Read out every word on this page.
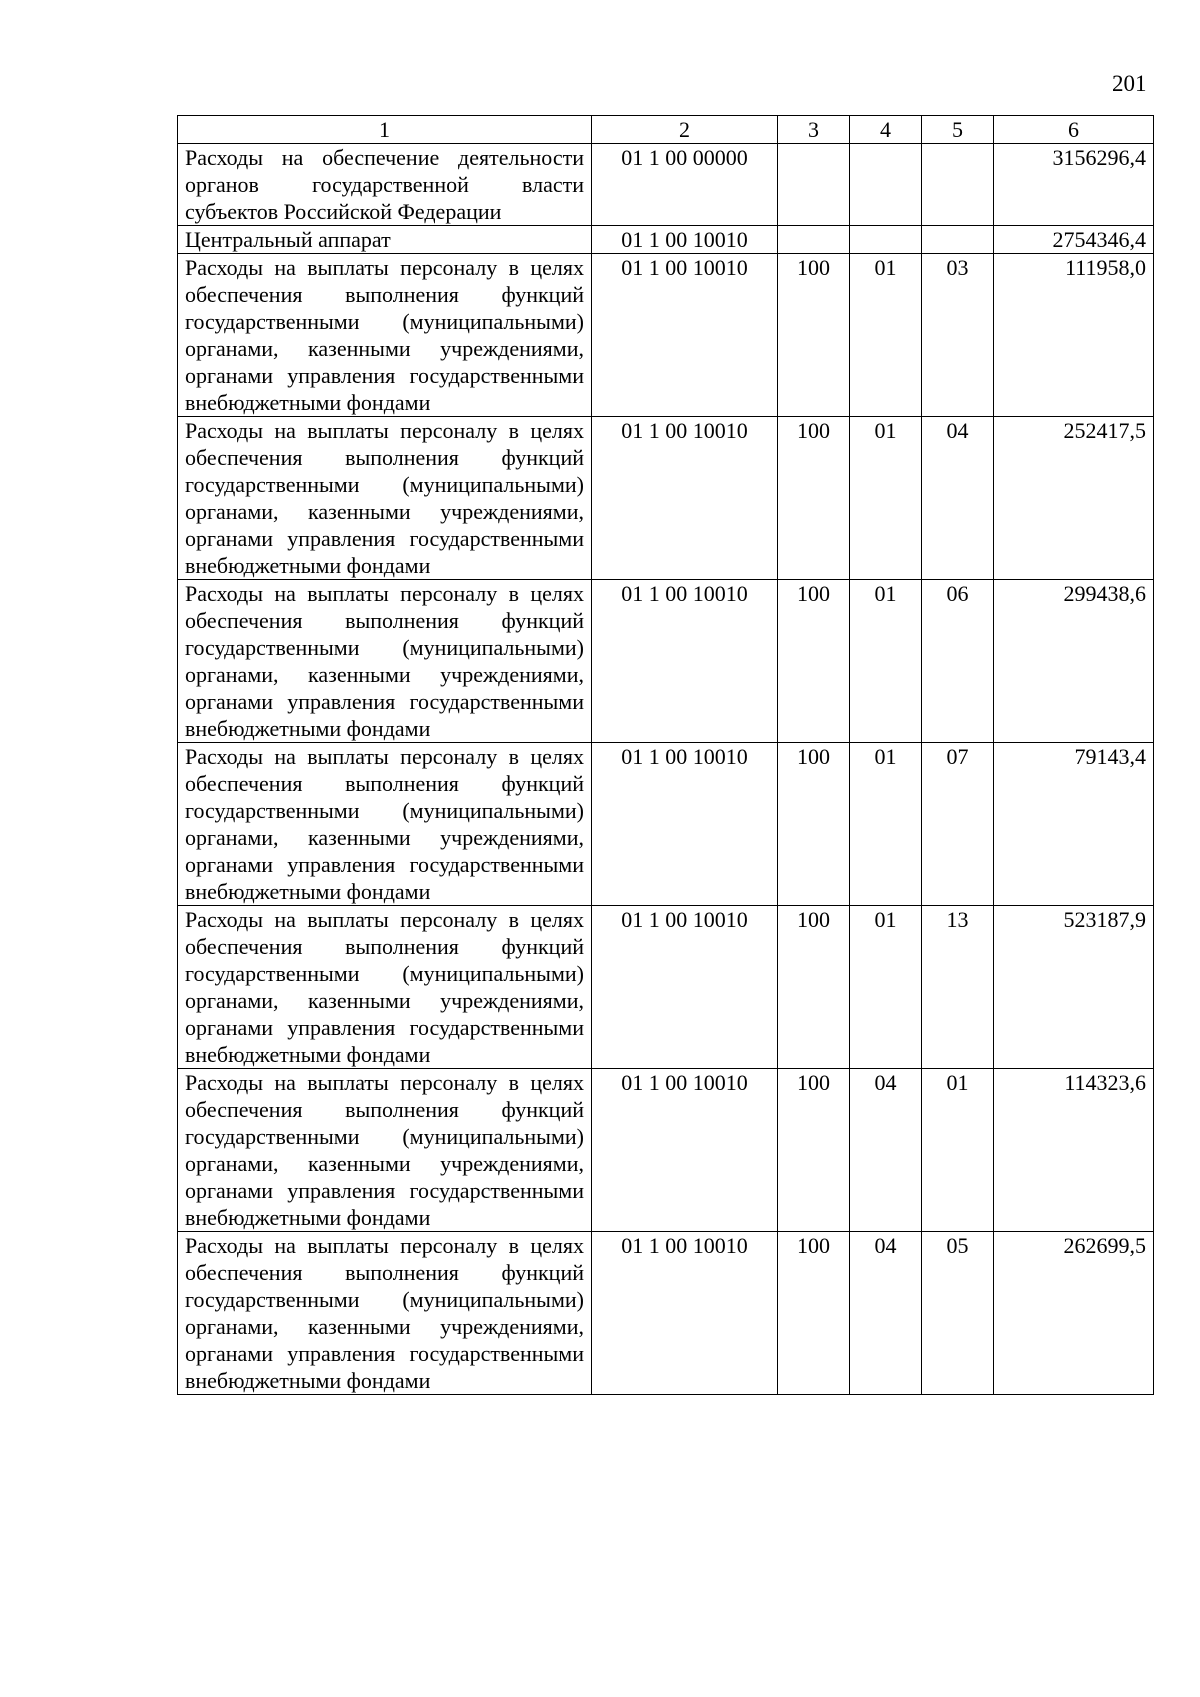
201
1	2	3	4	5	6
Расходы на обеспечение деятельности органов государственной власти субъектов Российской Федерации	01 1 00 00000				3156296,4
Центральный аппарат	01 1 00 10010				2754346,4
Расходы на выплаты персоналу в целях обеспечения выполнения функций государственными (муниципальными) органами, казенными учреждениями, органами управления государственными внебюджетными фондами	01 1 00 10010	100	01	03	111958,0
Расходы на выплаты персоналу в целях обеспечения выполнения функций государственными (муниципальными) органами, казенными учреждениями, органами управления государственными внебюджетными фондами	01 1 00 10010	100	01	04	252417,5
Расходы на выплаты персоналу в целях обеспечения выполнения функций государственными (муниципальными) органами, казенными учреждениями, органами управления государственными внебюджетными фондами	01 1 00 10010	100	01	06	299438,6
Расходы на выплаты персоналу в целях обеспечения выполнения функций государственными (муниципальными) органами, казенными учреждениями, органами управления государственными внебюджетными фондами	01 1 00 10010	100	01	07	79143,4
Расходы на выплаты персоналу в целях обеспечения выполнения функций государственными (муниципальными) органами, казенными учреждениями, органами управления государственными внебюджетными фондами	01 1 00 10010	100	01	13	523187,9
Расходы на выплаты персоналу в целях обеспечения выполнения функций государственными (муниципальными) органами, казенными учреждениями, органами управления государственными внебюджетными фондами	01 1 00 10010	100	04	01	114323,6
Расходы на выплаты персоналу в целях обеспечения выполнения функций государственными (муниципальными) органами, казенными учреждениями, органами управления государственными внебюджетными фондами	01 1 00 10010	100	04	05	262699,5
